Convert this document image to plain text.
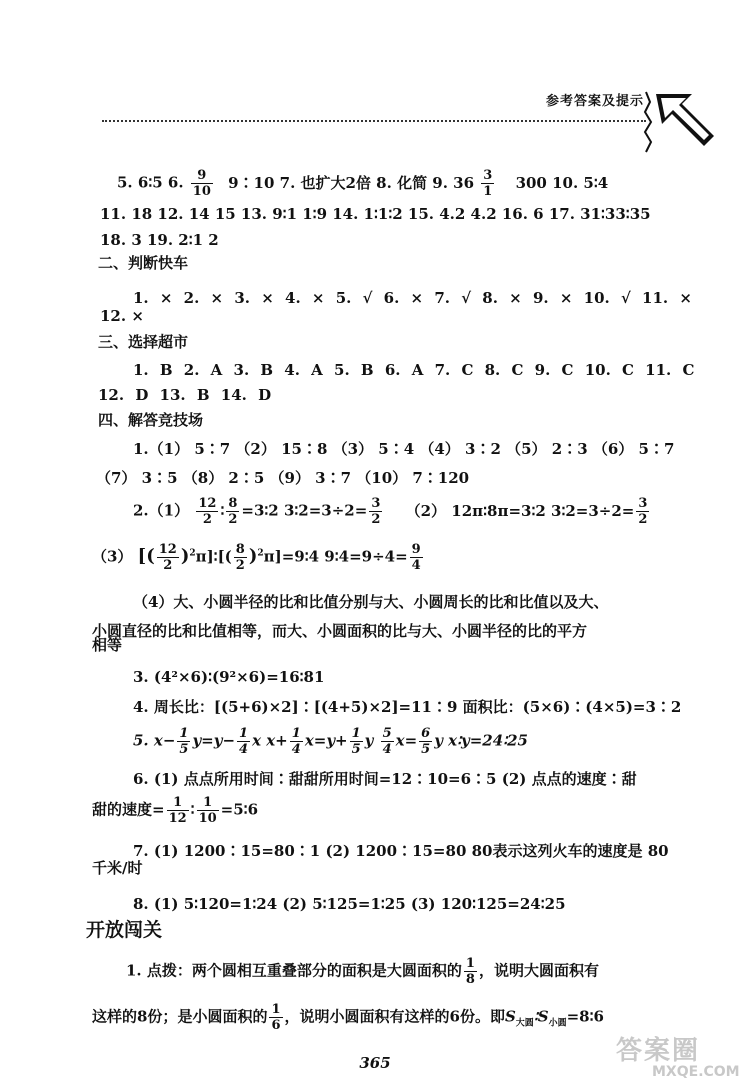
参考答案及提示
5. 6∶5 6. $\frac{9}{10}$ 9∶10 7. 也扩大2倍 8. 化简 9. $36 \frac{3}{1} 300$ 10. 5∶4
11. 18 12. 14 15 13. 9∶1 1∶9 14. 1∶1∶2 15. 4.2 4.2 16. 6 17. 31∶33∶35
18. 3 19. 2∶1 2
二、判断快车
1. × 2. × 3. × 4. × 5. √ 6. × 7. √ 8. × 9. × 10. √ 11. ×
12. ×
三、选择超市
1. B 2. A 3. B 4. A 5. B 6. A 7. C 8. C 9. C 10. C 11. C
12. D 13. B 14. D
四、解答竞技场
1.（1） 5∶7 （2） 15∶8 （3） 5∶4 （4） 3∶2 （5） 2∶3 （6） 5∶7
（7） 3∶5 （8） 2∶5 （9） 3∶7 （10） 7∶120
$2.(1) \frac{12}{2}$ ∶ $\frac{8}{2}$ =3∶2 3∶2=3÷2= $\frac{3}{2} (2)$ 12π∶8π=3∶2 3∶2=3÷2= $\frac{3}{2}$
（3） [( $\frac{12}{2}$ )$^2$π]∶[( $\frac{8}{2}$ )$^2$π]=9∶4 9∶4=9÷4= $\frac{9}{4}$
（4）大、小圆半径的比和比值分别与大、小圆周长的比和比值以及大、
小圆直径的比和比值相等，而大、小圆面积的比与大、小圆半径的比的平方
相等
3. (4²×6)∶(9²×6)=16∶81
4. 周长比：[(5+6)×2]∶[(4+5)×2]=11∶9 面积比：(5×6)∶(4×5)=3∶2
5. $x- \frac{1}{5} y=y- \frac{1}{4}$ x $x+ \frac{1}{4} x=y+ \frac{1}{5}$ y $\frac{5}{4} x= \frac{6}{5}$ y x∶y=24∶25
6. (1) 点点所用时间∶甜甜所用时间=12∶10=6∶5 (2) 点点的速度∶甜
甜的速度= $\frac{1}{12}$ ∶ $\frac{1}{10}$ =5∶6
7. (1) 1200∶15=80∶1 (2) 1200∶15=80 80表示这列火车的速度是 80
千米/时
8. (1) 5∶120=1∶24 (2) 5∶125=1∶25 (3) 120∶125=24∶25
开放闯关
1. 点拨：两个圆相互重叠部分的面积是大圆面积的 $\frac{1}{8}$ ，说明大圆面积有
这样的8份；是小圆面积的 $\frac{1}{6}$ ，说明小圆面积有这样的6份。即$S_{大圆}∶S_{小圆}=8∶6$
365	答案圈
MXQE.COM
